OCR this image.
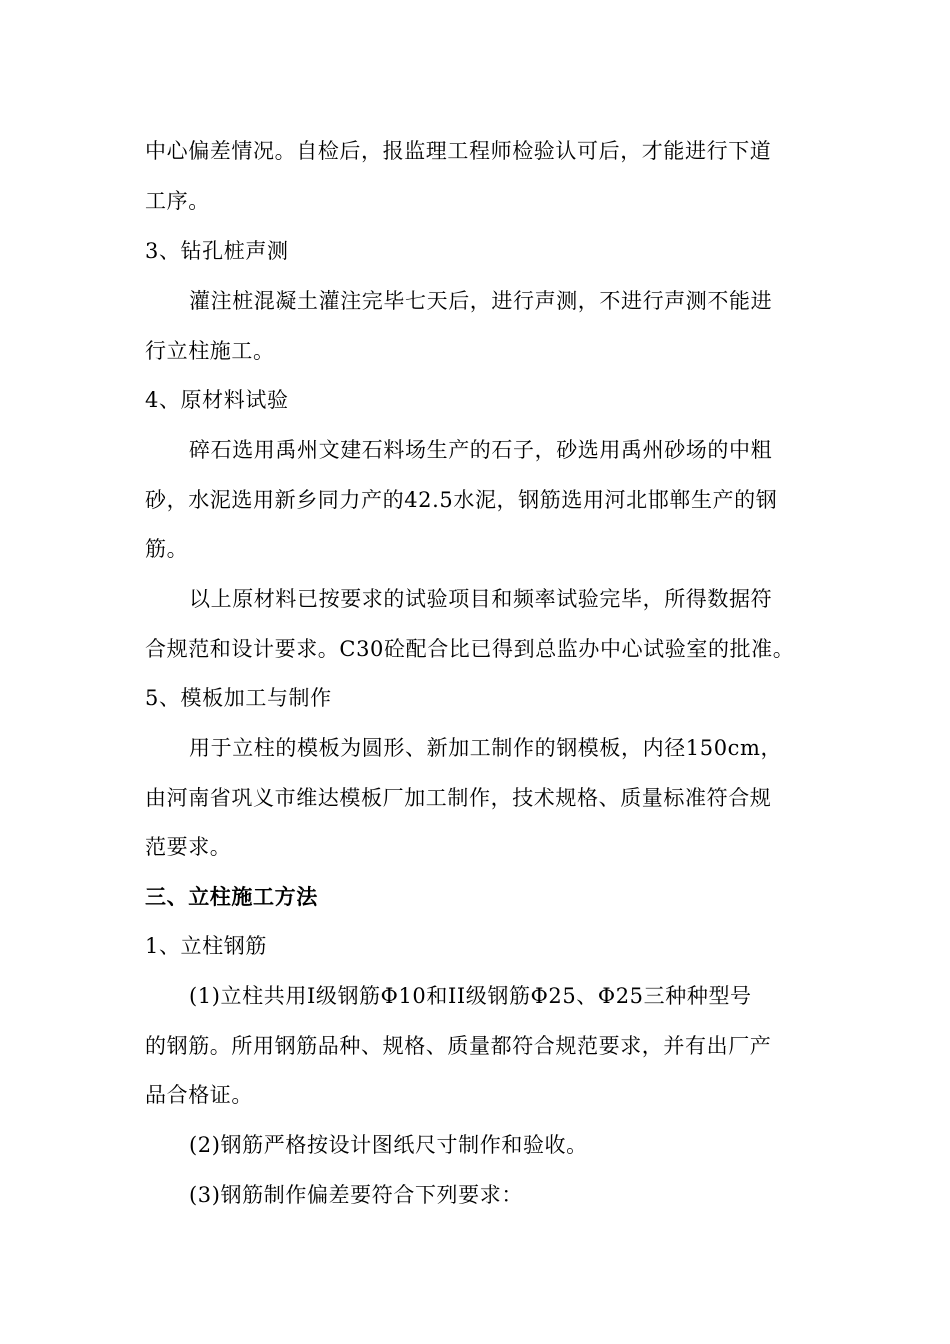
中心偏差情况。自检后，报监理工程师检验认可后，才能进行下道
工序。
3、钻孔桩声测
灌注桩混凝土灌注完毕七天后，进行声测，不进行声测不能进
行立柱施工。
4、原材料试验
碎石选用禹州文建石料场生产的石子，砂选用禹州砂场的中粗
砂，水泥选用新乡同力产的42.5水泥，钢筋选用河北邯郸生产的钢
筋。
以上原材料已按要求的试验项目和频率试验完毕，所得数据符
合规范和设计要求。C30砼配合比已得到总监办中心试验室的批准。
5、模板加工与制作
用于立柱的模板为圆形、新加工制作的钢模板，内径150cm，
由河南省巩义市维达模板厂加工制作，技术规格、质量标准符合规
范要求。
三、立柱施工方法
1、立柱钢筋
(1)立柱共用I级钢筋Φ10和II级钢筋Φ25、Φ25三种种型号
的钢筋。所用钢筋品种、规格、质量都符合规范要求，并有出厂产
品合格证。
(2)钢筋严格按设计图纸尺寸制作和验收。
(3)钢筋制作偏差要符合下列要求：
